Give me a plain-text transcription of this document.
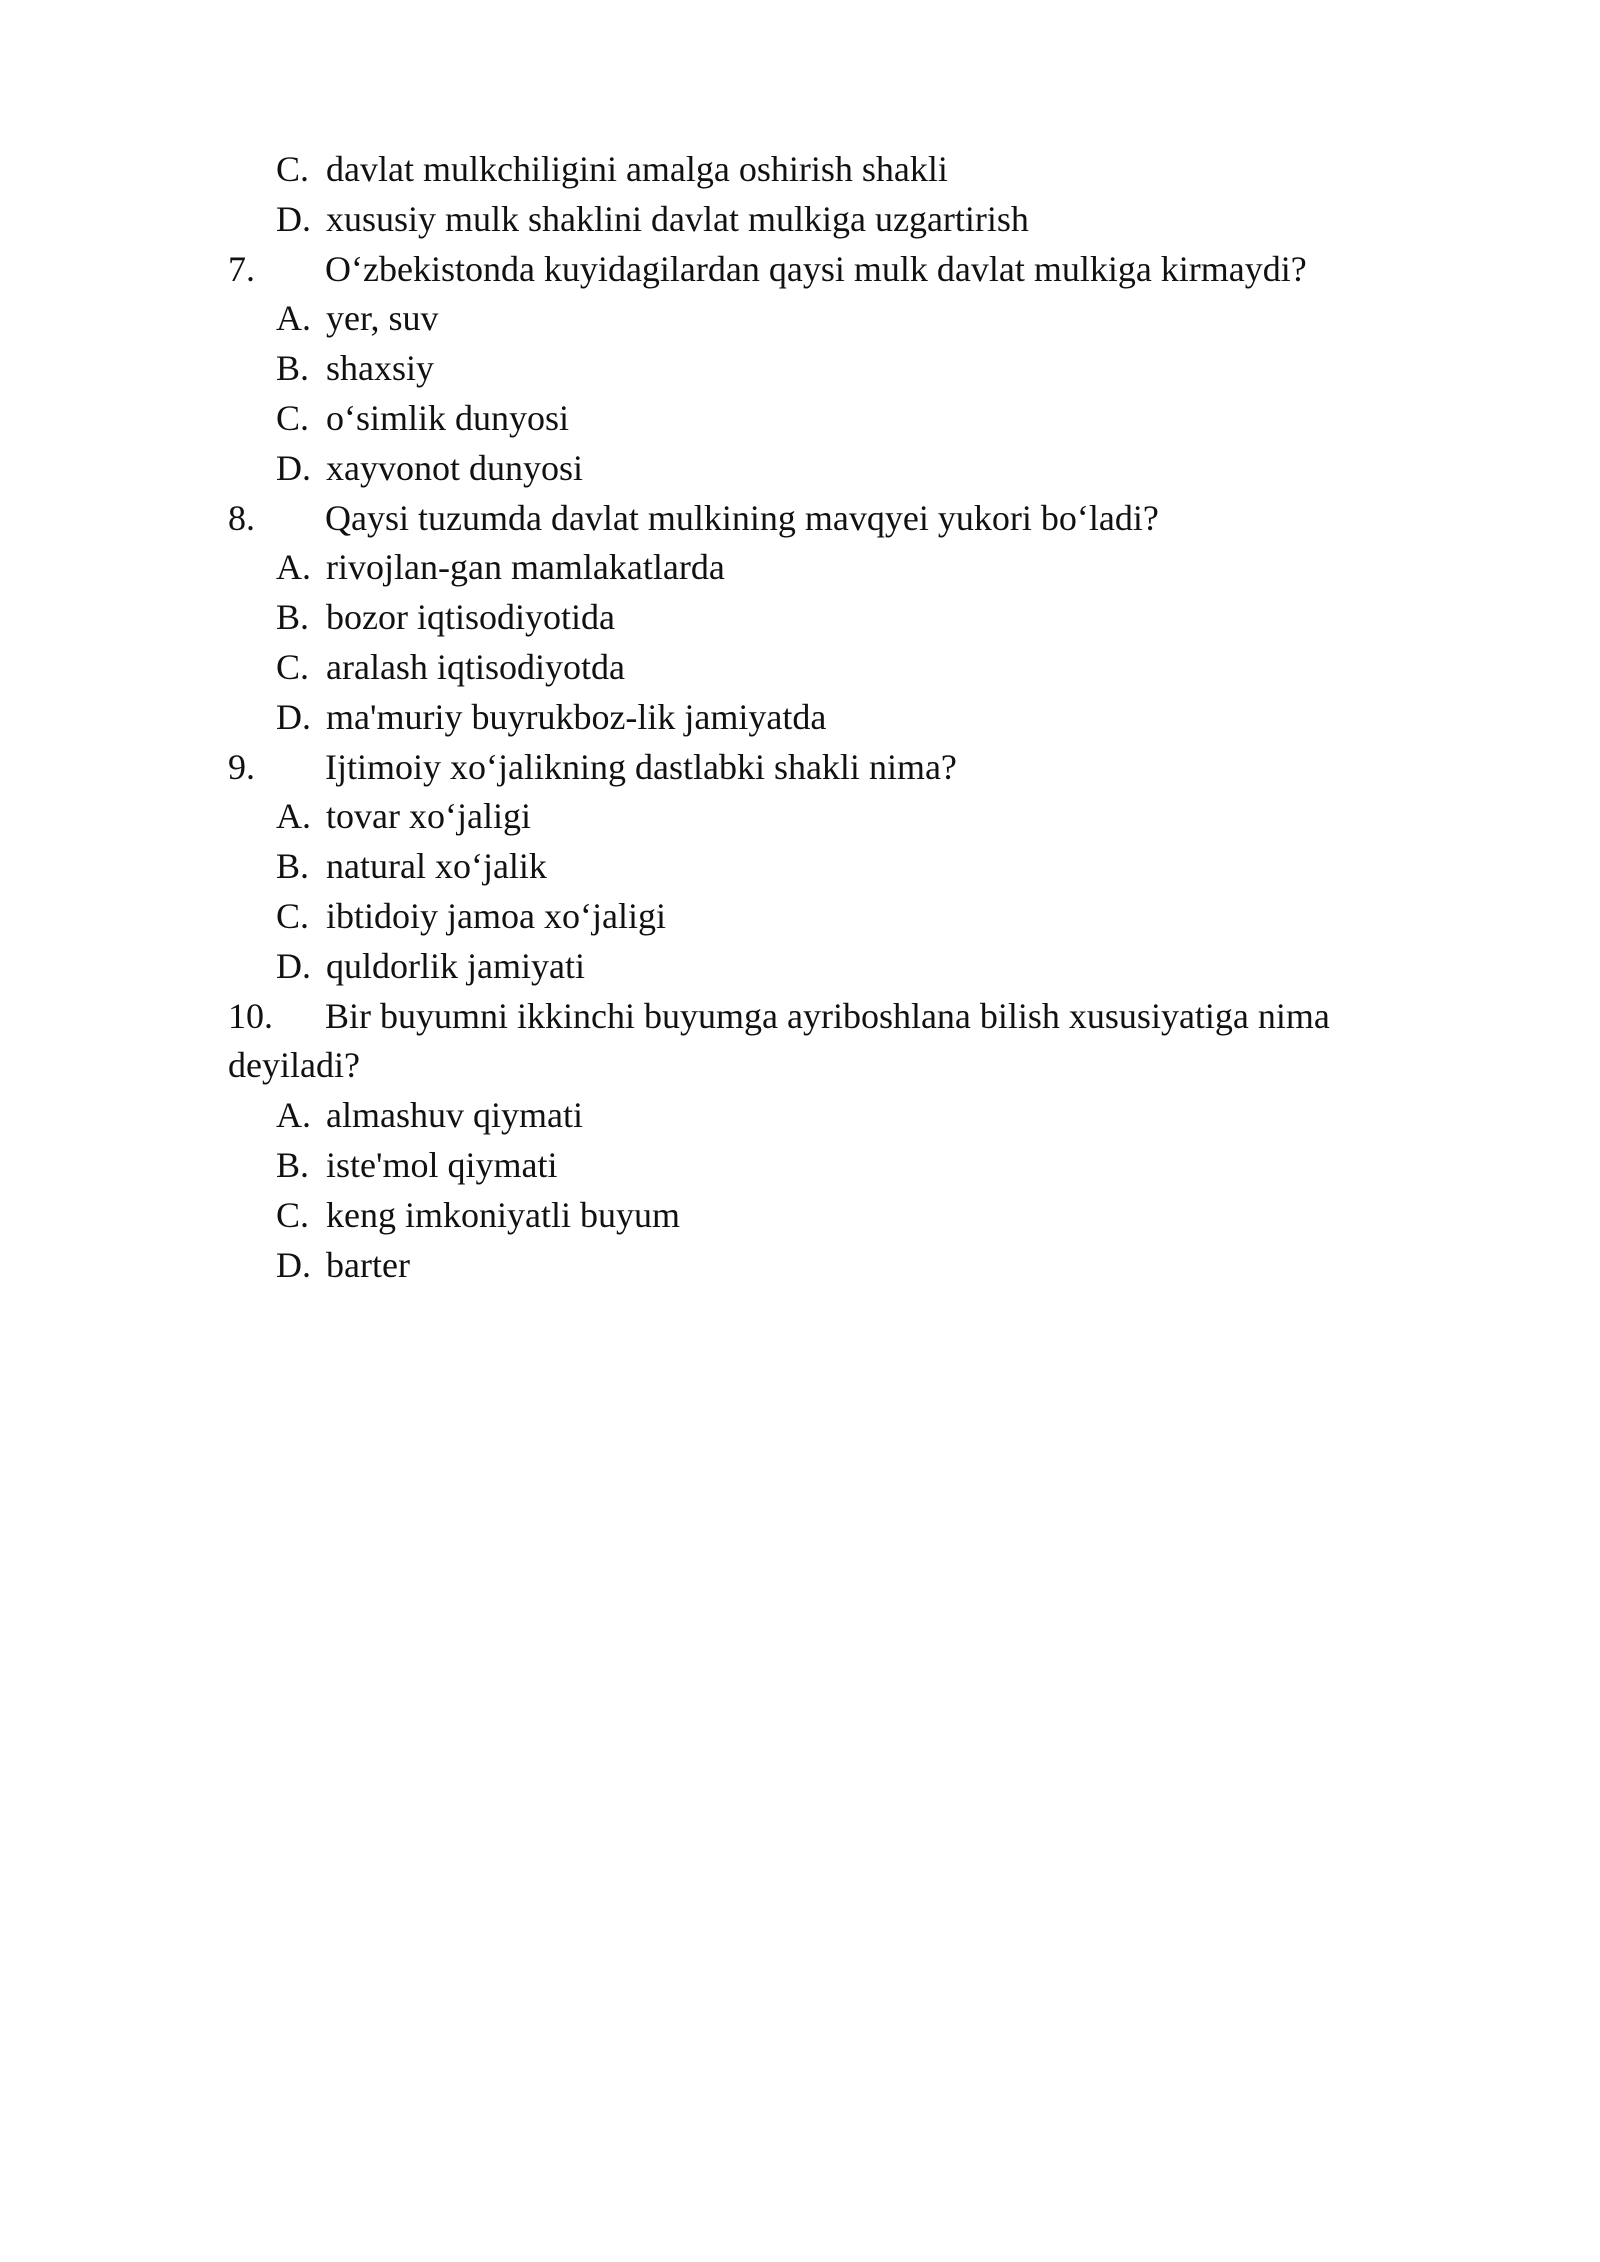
C. davlat mulkchiligini amalga oshirish shakli
D. xususiy mulk shaklini davlat mulkiga uzgartirish
7. O‘zbekistonda kuyidagilardan qaysi mulk davlat mulkiga kirmaydi?
A. yer, suv
B. shaxsiy
C. o‘simlik dunyosi
D. xayvonot dunyosi
8. Qaysi tuzumda davlat mulkining mavqyei yukori bo‘ladi?
A. rivojlan-gan mamlakatlarda
B. bozor iqtisodiyotida
C. aralash iqtisodiyotda
D. ma'muriy buyrukboz-lik jamiyatda
9. Ijtimoiy xo‘jalikning dastlabki shakli nima?
A. tovar xo‘jaligi
B. natural xo‘jalik
C. ibtidoiy jamoa xo‘jaligi
D. quldorlik jamiyati
10. Bir buyumni ikkinchi buyumga ayriboshlana bilish xususiyatiga nima deyiladi?
A. almashuv qiymati
B. iste'mol qiymati
C. keng imkoniyatli buyum
D. barter
